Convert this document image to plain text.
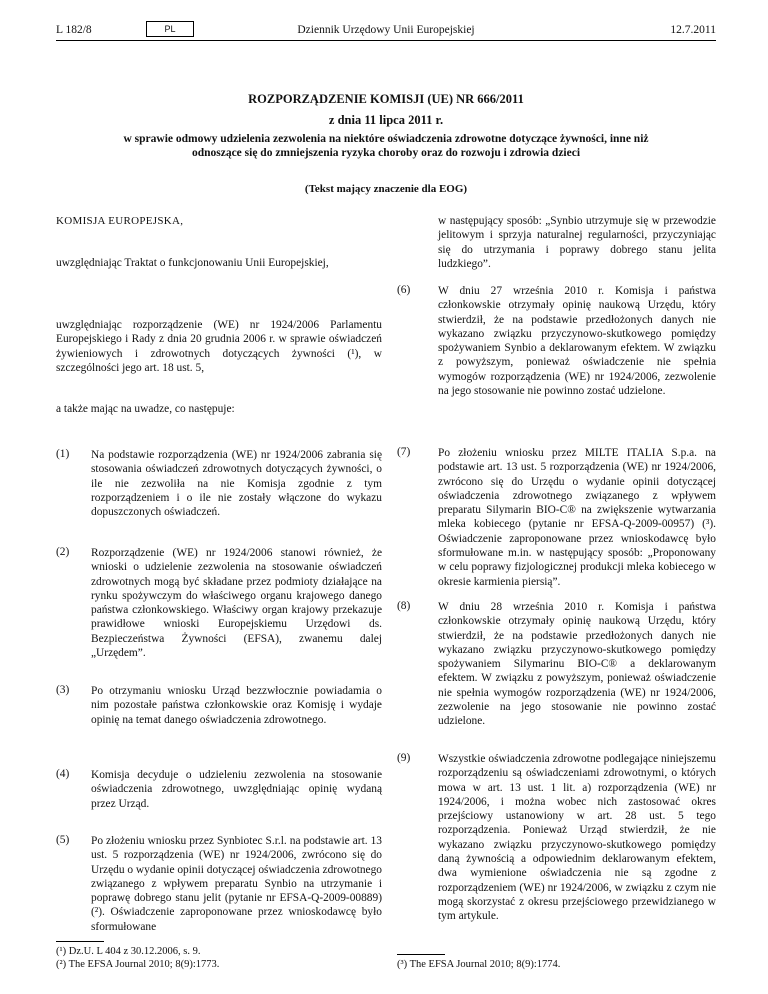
L 182/8	PL	Dziennik Urzędowy Unii Europejskiej	12.7.2011
ROZPORZĄDZENIE KOMISJI (UE) NR 666/2011
z dnia 11 lipca 2011 r.
w sprawie odmowy udzielenia zezwolenia na niektóre oświadczenia zdrowotne dotyczące żywności, inne niż odnoszące się do zmniejszenia ryzyka choroby oraz do rozwoju i zdrowia dzieci
(Tekst mający znaczenie dla EOG)
KOMISJA EUROPEJSKA,
uwzględniając Traktat o funkcjonowaniu Unii Europejskiej,
uwzględniając rozporządzenie (WE) nr 1924/2006 Parlamentu Europejskiego i Rady z dnia 20 grudnia 2006 r. w sprawie oświadczeń żywieniowych i zdrowotnych dotyczących żywności (¹), w szczególności jego art. 18 ust. 5,
a także mając na uwadze, co następuje:
(1) Na podstawie rozporządzenia (WE) nr 1924/2006 zabrania się stosowania oświadczeń zdrowotnych dotyczących żywności, o ile nie zezwoliła na nie Komisja zgodnie z tym rozporządzeniem i o ile nie zostały włączone do wykazu dopuszczonych oświadczeń.
(2) Rozporządzenie (WE) nr 1924/2006 stanowi również, że wnioski o udzielenie zezwolenia na stosowanie oświadczeń zdrowotnych mogą być składane przez podmioty działające na rynku spożywczym do właściwego organu krajowego danego państwa członkowskiego. Właściwy organ krajowy przekazuje prawidłowe wnioski Europejskiemu Urzędowi ds. Bezpieczeństwa Żywności (EFSA), zwanemu dalej „Urzędem”.
(3) Po otrzymaniu wniosku Urząd bezzwłocznie powiadamia o nim pozostałe państwa członkowskie oraz Komisję i wydaje opinię na temat danego oświadczenia zdrowotnego.
(4) Komisja decyduje o udzieleniu zezwolenia na stosowanie oświadczenia zdrowotnego, uwzględniając opinię wydaną przez Urząd.
(5) Po złożeniu wniosku przez Synbiotec S.r.l. na podstawie art. 13 ust. 5 rozporządzenia (WE) nr 1924/2006, zwrócono się do Urzędu o wydanie opinii dotyczącej oświadczenia zdrowotnego związanego z wpływem preparatu Synbio na utrzymanie i poprawę dobrego stanu jelit (pytanie nr EFSA-Q-2009-00889) (²). Oświadczenie zaproponowane przez wnioskodawcę było sformułowane
(¹) Dz.U. L 404 z 30.12.2006, s. 9.
(²) The EFSA Journal 2010; 8(9):1773.
w następujący sposób: „Synbio utrzymuje się w przewodzie jelitowym i sprzyja naturalnej regularności, przyczyniając się do utrzymania i poprawy dobrego stanu jelita ludzkiego”.
(6) W dniu 27 września 2010 r. Komisja i państwa członkowskie otrzymały opinię naukową Urzędu, który stwierdził, że na podstawie przedłożonych danych nie wykazano związku przyczynowo-skutkowego pomiędzy spożywaniem Synbio a deklarowanym efektem. W związku z powyższym, ponieważ oświadczenie nie spełnia wymogów rozporządzenia (WE) nr 1924/2006, zezwolenie na jego stosowanie nie powinno zostać udzielone.
(7) Po złożeniu wniosku przez MILTE ITALIA S.p.a. na podstawie art. 13 ust. 5 rozporządzenia (WE) nr 1924/2006, zwrócono się do Urzędu o wydanie opinii dotyczącej oświadczenia zdrowotnego związanego z wpływem preparatu Silymarin BIO-C® na zwiększenie wytwarzania mleka kobiecego (pytanie nr EFSA-Q-2009-00957) (³). Oświadczenie zaproponowane przez wnioskodawcę było sformułowane m.in. w następujący sposób: „Proponowany w celu poprawy fizjologicznej produkcji mleka kobiecego w okresie karmienia piersią”.
(8) W dniu 28 września 2010 r. Komisja i państwa członkowskie otrzymały opinię naukową Urzędu, który stwierdził, że na podstawie przedłożonych danych nie wykazano związku przyczynowo-skutkowego pomiędzy spożywaniem Silymarinu BIO-C® a deklarowanym efektem. W związku z powyższym, ponieważ oświadczenie nie spełnia wymogów rozporządzenia (WE) nr 1924/2006, zezwolenie na jego stosowanie nie powinno zostać udzielone.
(9) Wszystkie oświadczenia zdrowotne podlegające niniejszemu rozporządzeniu są oświadczeniami zdrowotnymi, o których mowa w art. 13 ust. 1 lit. a) rozporządzenia (WE) nr 1924/2006, i można wobec nich zastosować okres przejściowy ustanowiony w art. 28 ust. 5 tego rozporządzenia. Ponieważ Urząd stwierdził, że nie wykazano związku przyczynowo-skutkowego pomiędzy daną żywnością a odpowiednim deklarowanym efektem, dwa wymienione oświadczenia nie są zgodne z rozporządzeniem (WE) nr 1924/2006, w związku z czym nie mogą skorzystać z okresu przejściowego przewidzianego w tym artykule.
(³) The EFSA Journal 2010; 8(9):1774.
